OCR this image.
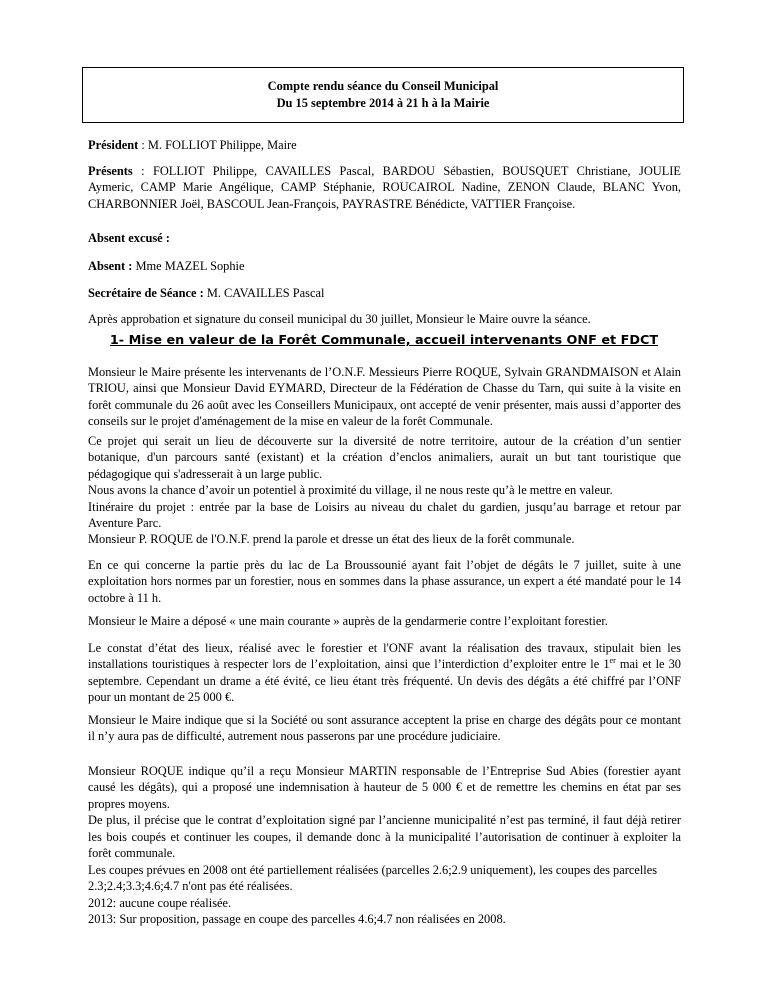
Compte rendu séance du Conseil Municipal
Du 15 septembre 2014 à 21 h à la Mairie
Président : M. FOLLIOT Philippe, Maire
Présents : FOLLIOT Philippe, CAVAILLES Pascal, BARDOU Sébastien, BOUSQUET Christiane, JOULIE
Aymeric, CAMP Marie Angélique, CAMP Stéphanie, ROUCAIROL Nadine, ZENON Claude, BLANC Yvon,
CHARBONNIER Joël, BASCOUL Jean-François, PAYRASTRE Bénédicte, VATTIER Françoise.
Absent excusé :
Absent : Mme MAZEL Sophie
Secrétaire de Séance : M. CAVAILLES Pascal
Après approbation et signature du conseil municipal du 30 juillet, Monsieur le Maire ouvre la séance.
1- Mise en valeur de la Forêt Communale, accueil intervenants ONF et FDCT
Monsieur le Maire présente les intervenants de l’O.N.F. Messieurs Pierre ROQUE, Sylvain GRANDMAISON et Alain TRIOU, ainsi que Monsieur David EYMARD, Directeur de la Fédération de Chasse du Tarn, qui suite à la visite en forêt communale du 26 août avec les Conseillers Municipaux, ont accepté de venir présenter, mais aussi d’apporter des conseils sur le projet d'aménagement de la mise en valeur de la forêt Communale.

Ce projet qui serait un lieu de découverte sur la diversité de notre territoire, autour de la création d’un sentier botanique, d'un parcours santé (existant) et la création d’enclos animaliers, aurait un but tant touristique que pédagogique qui s'adresserait à un large public.

Nous avons la chance d’avoir un potentiel à proximité du village, il ne nous reste qu’à le mettre en valeur.

Itinéraire du projet : entrée par la base de Loisirs au niveau du chalet du gardien, jusqu’au barrage et retour par Aventure Parc.

Monsieur P. ROQUE de l'O.N.F. prend la parole et dresse un état des lieux de la forêt communale.
En ce qui concerne la partie près du lac de La Broussounié ayant fait l’objet de dégâts le 7 juillet, suite à une exploitation hors normes par un forestier, nous en sommes dans la phase assurance, un expert a été mandaté pour le 14 octobre à 11 h.
Monsieur le Maire a déposé « une main courante » auprès de la gendarmerie contre l’exploitant forestier.
Le constat d’état des lieux, réalisé avec le forestier et l'ONF avant la réalisation des travaux, stipulait bien les installations touristiques à respecter lors de l’exploitation, ainsi que l’interdiction d’exploiter entre le 1er mai et le 30 septembre. Cependant un drame a été évité, ce lieu étant très fréquenté. Un devis des dégâts a été chiffré par l’ONF pour un montant de 25 000 €.
Monsieur le Maire indique que si la Société ou sont assurance acceptent la prise en charge des dégâts pour ce montant il n’y aura pas de difficulté, autrement nous passerons par une procédure judiciaire.

Monsieur ROQUE indique qu’il a reçu Monsieur MARTIN responsable de l’Entreprise Sud Abies (forestier ayant causé les dégâts), qui a proposé une indemnisation à hauteur de 5 000 € et de remettre les chemins en état par ses propres moyens.

De plus, il précise que le contrat d’exploitation signé par l’ancienne municipalité n’est pas terminé, il faut déjà retirer les bois coupés et continuer les coupes, il demande donc à la municipalité l’autorisation de continuer à exploiter la forêt communale.

Les coupes prévues en 2008 ont été partiellement réalisées (parcelles 2.6;2.9 uniquement), les coupes des parcelles 2.3;2.4;3.3;4.6;4.7 n'ont pas été réalisées.

2012: aucune coupe réalisée.

2013: Sur proposition, passage en coupe des parcelles 4.6;4.7 non réalisées en 2008.
